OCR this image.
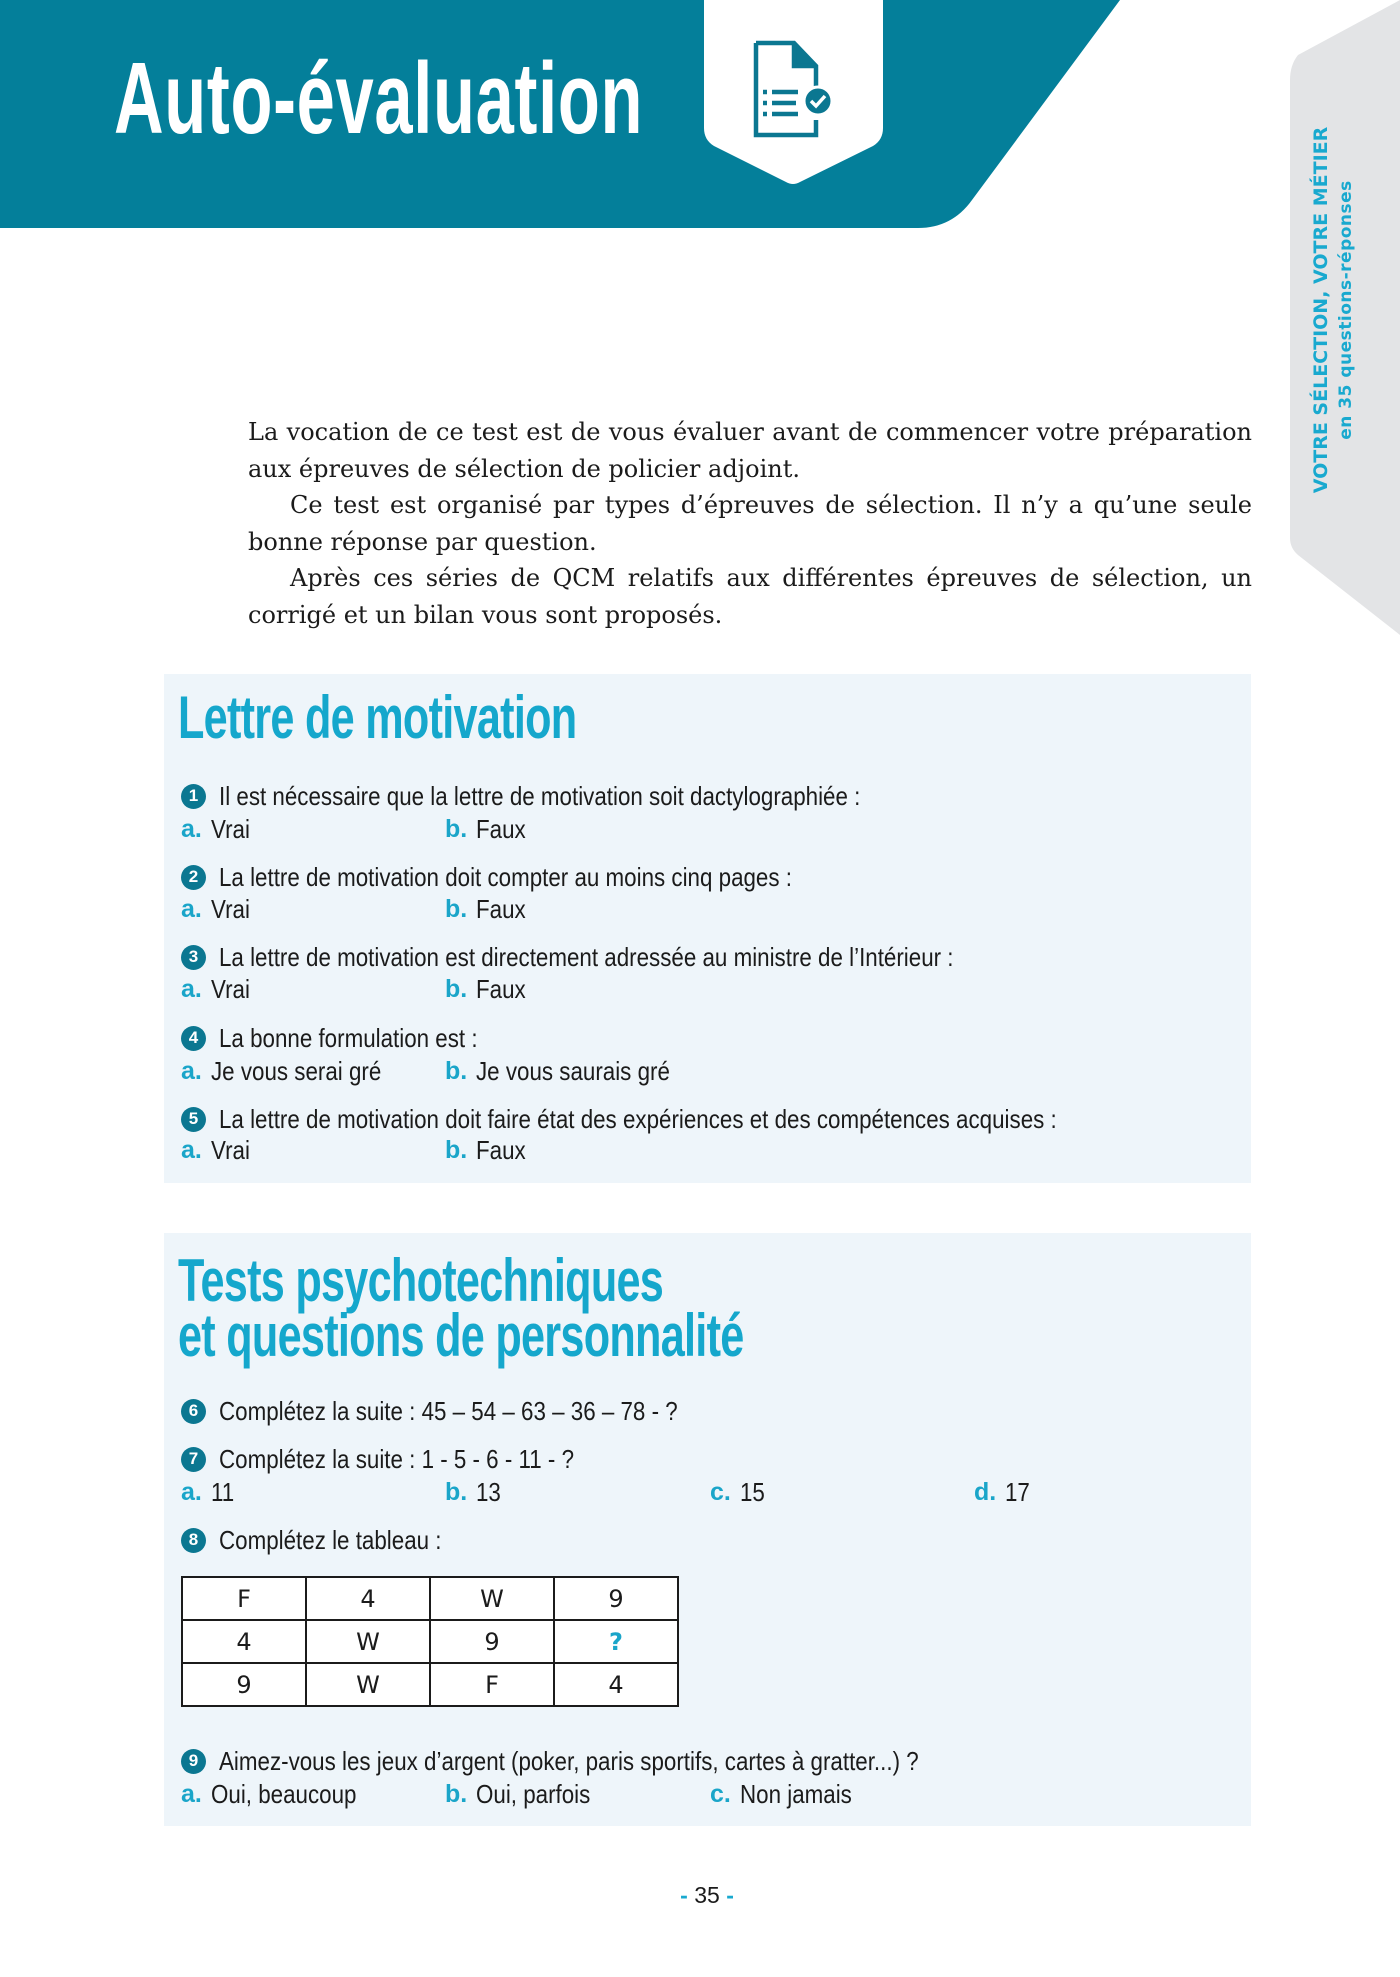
Auto-évaluation
VOTRE SÉLECTION, VOTRE MÉTIER en 35 questions-réponses

La vocation de ce test est de vous évaluer avant de commencer votre préparation aux épreuves de sélection de policier adjoint.

Ce test est organisé par types d’épreuves de sélection. Il n’y a qu’une seule bonne réponse par question.

Après ces séries de QCM relatifs aux différentes épreuves de sélection, un corrigé et un bilan vous sont proposés.

Lettre de motivation
1 Il est nécessaire que la lettre de motivation soit dactylographiée :
a. Vrai	b. Faux
2 La lettre de motivation doit compter au moins cinq pages :
a. Vrai	b. Faux
3 La lettre de motivation est directement adressée au ministre de l’Intérieur :
a. Vrai	b. Faux
4 La bonne formulation est :
a. Je vous serai gré	b. Je vous saurais gré
5 La lettre de motivation doit faire état des expériences et des compétences acquises :
a. Vrai	b. Faux
Tests psychotechniques
et questions de personnalité
6 Complétez la suite : 45 – 54 – 63 – 36 – 78 - ?
7 Complétez la suite : 1 - 5 - 6 - 11 - ?
a. 11	b. 13	c. 15	d. 17
8 Complétez le tableau :
F	4	W	9
4	W	9	?
9	W	F	4
9 Aimez-vous les jeux d’argent (poker, paris sportifs, cartes à gratter...) ?
a. Oui, beaucoup	b. Oui, parfois	c. Non jamais
- 35 -
